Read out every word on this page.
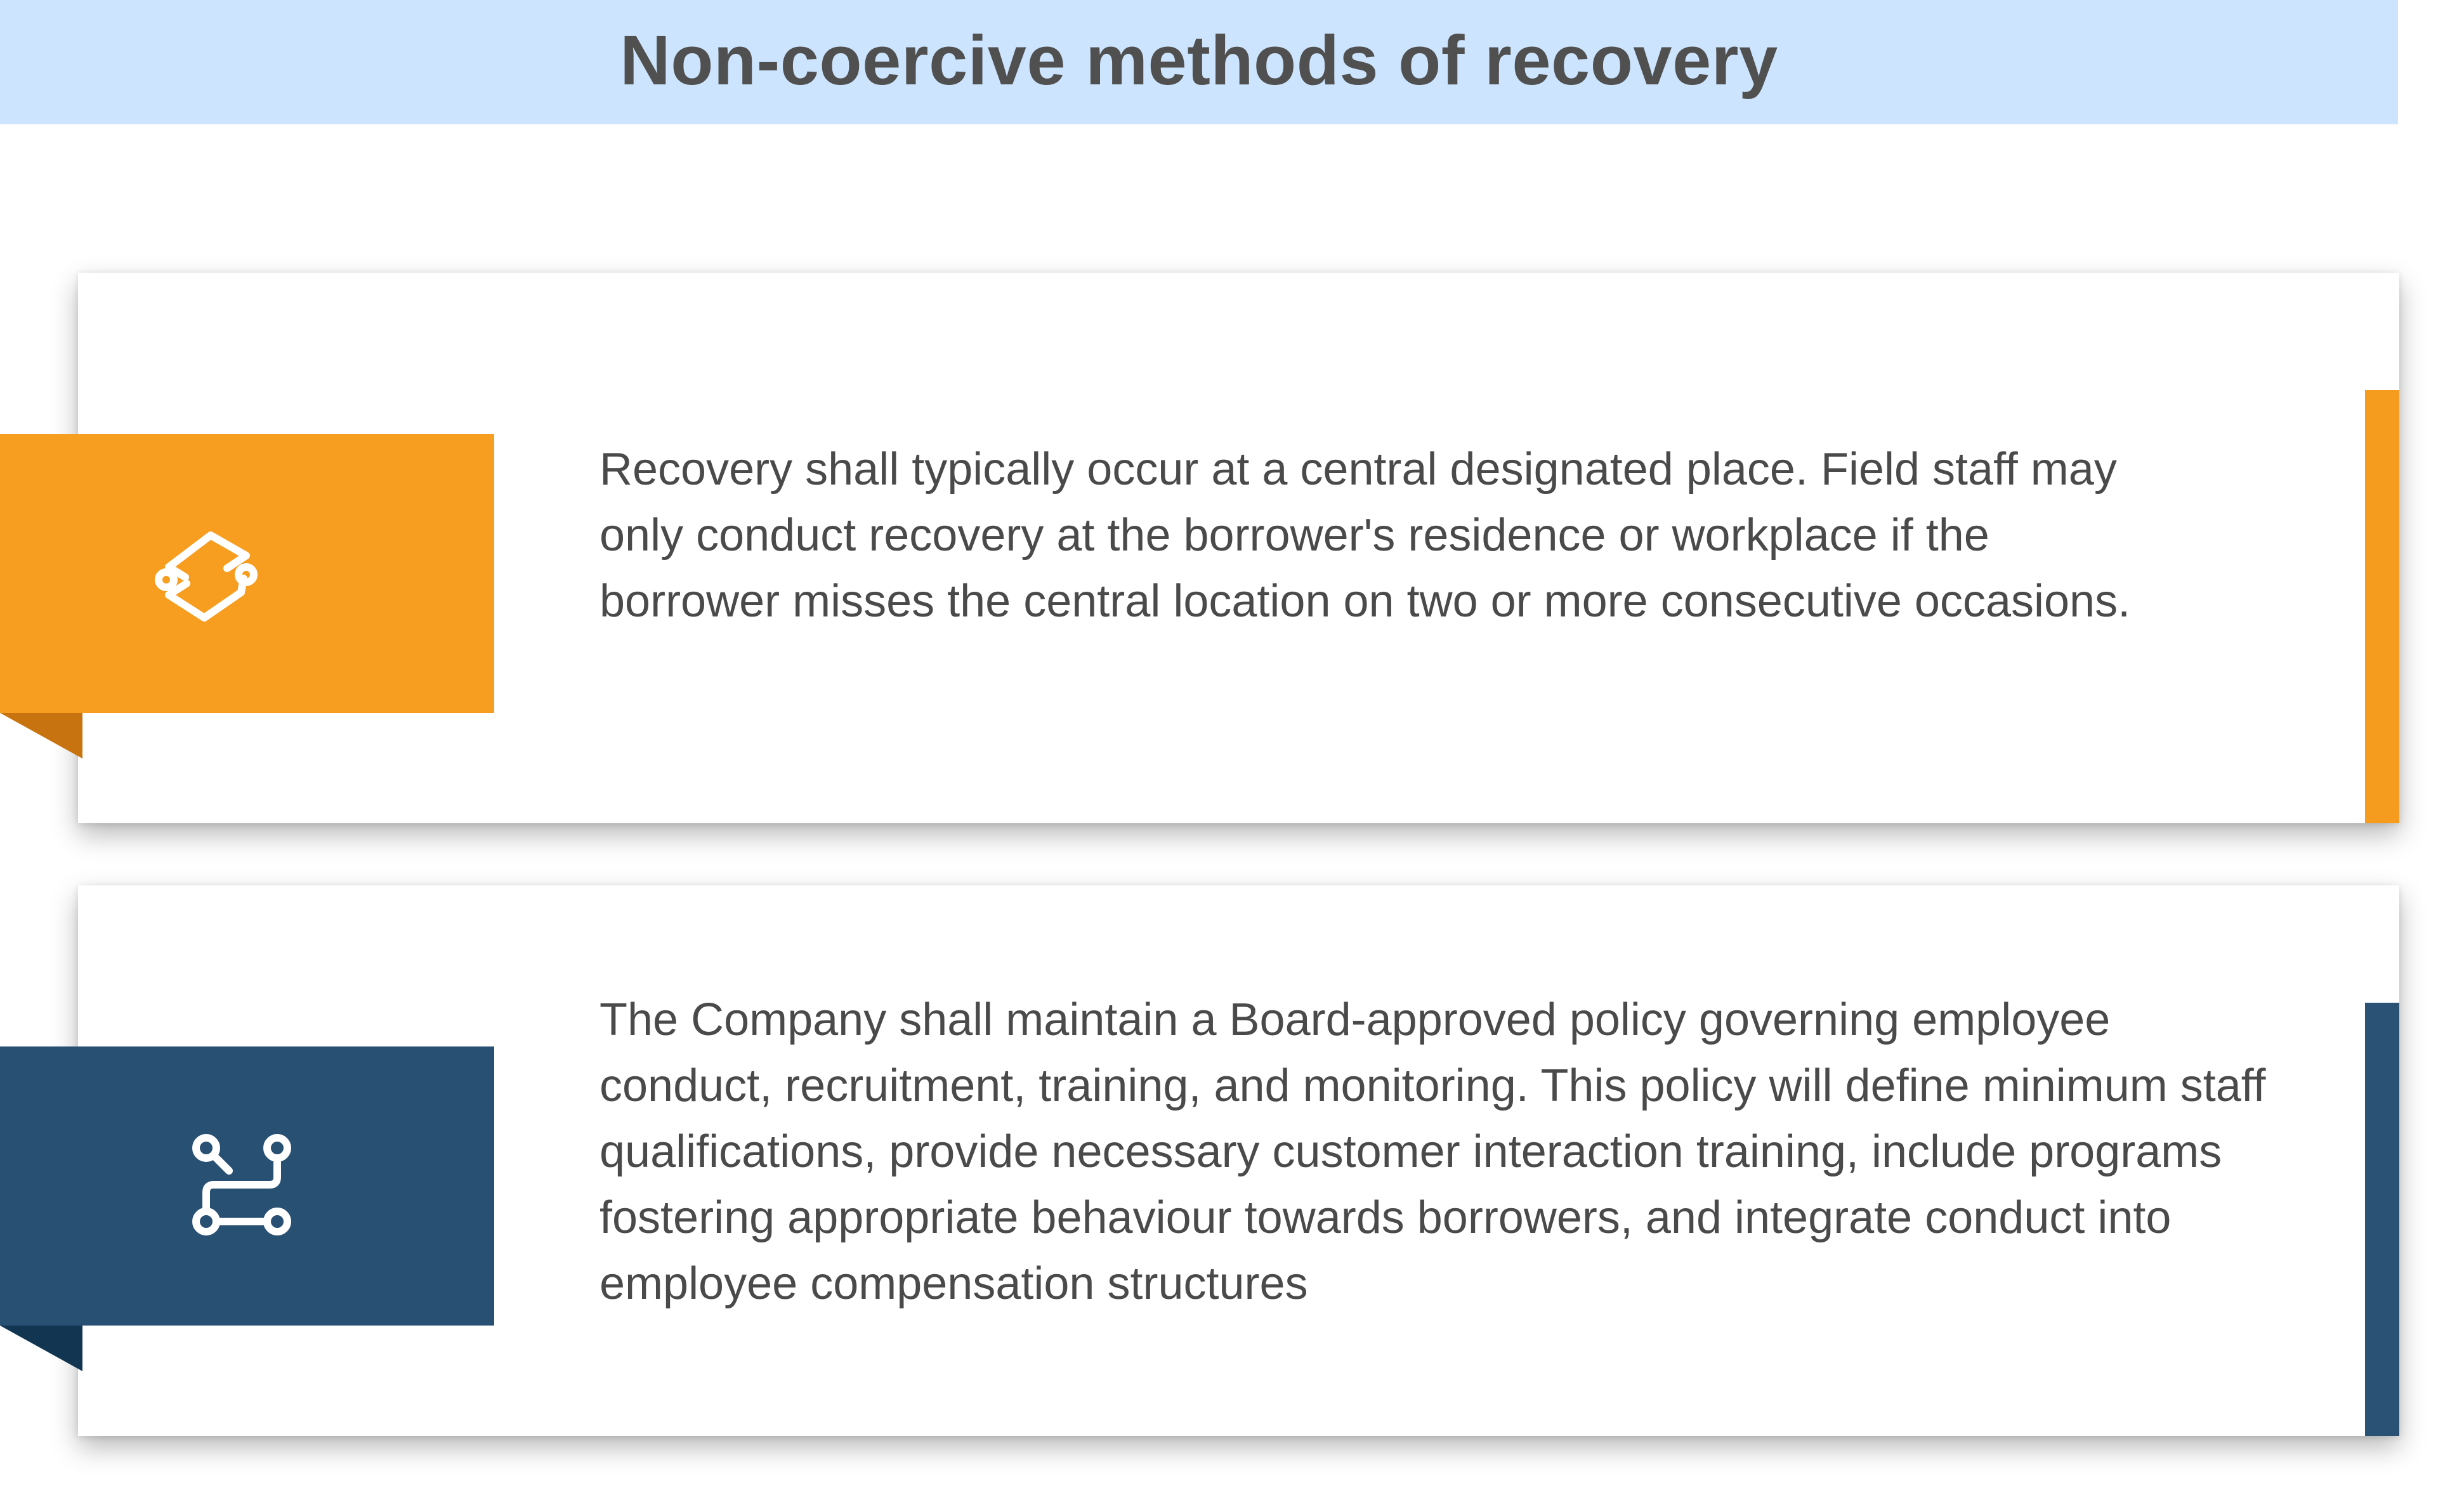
Non-coercive methods of recovery
Recovery shall typically occur at a central designated place. Field staff may only conduct recovery at the borrower's residence or workplace if the borrower misses the central location on two or more consecutive occasions.
The Company shall maintain a Board-approved policy governing employee conduct, recruitment, training, and monitoring. This policy will define minimum staff qualifications, provide necessary customer interaction training, include programs fostering appropriate behaviour towards borrowers, and integrate conduct into employee compensation structures
